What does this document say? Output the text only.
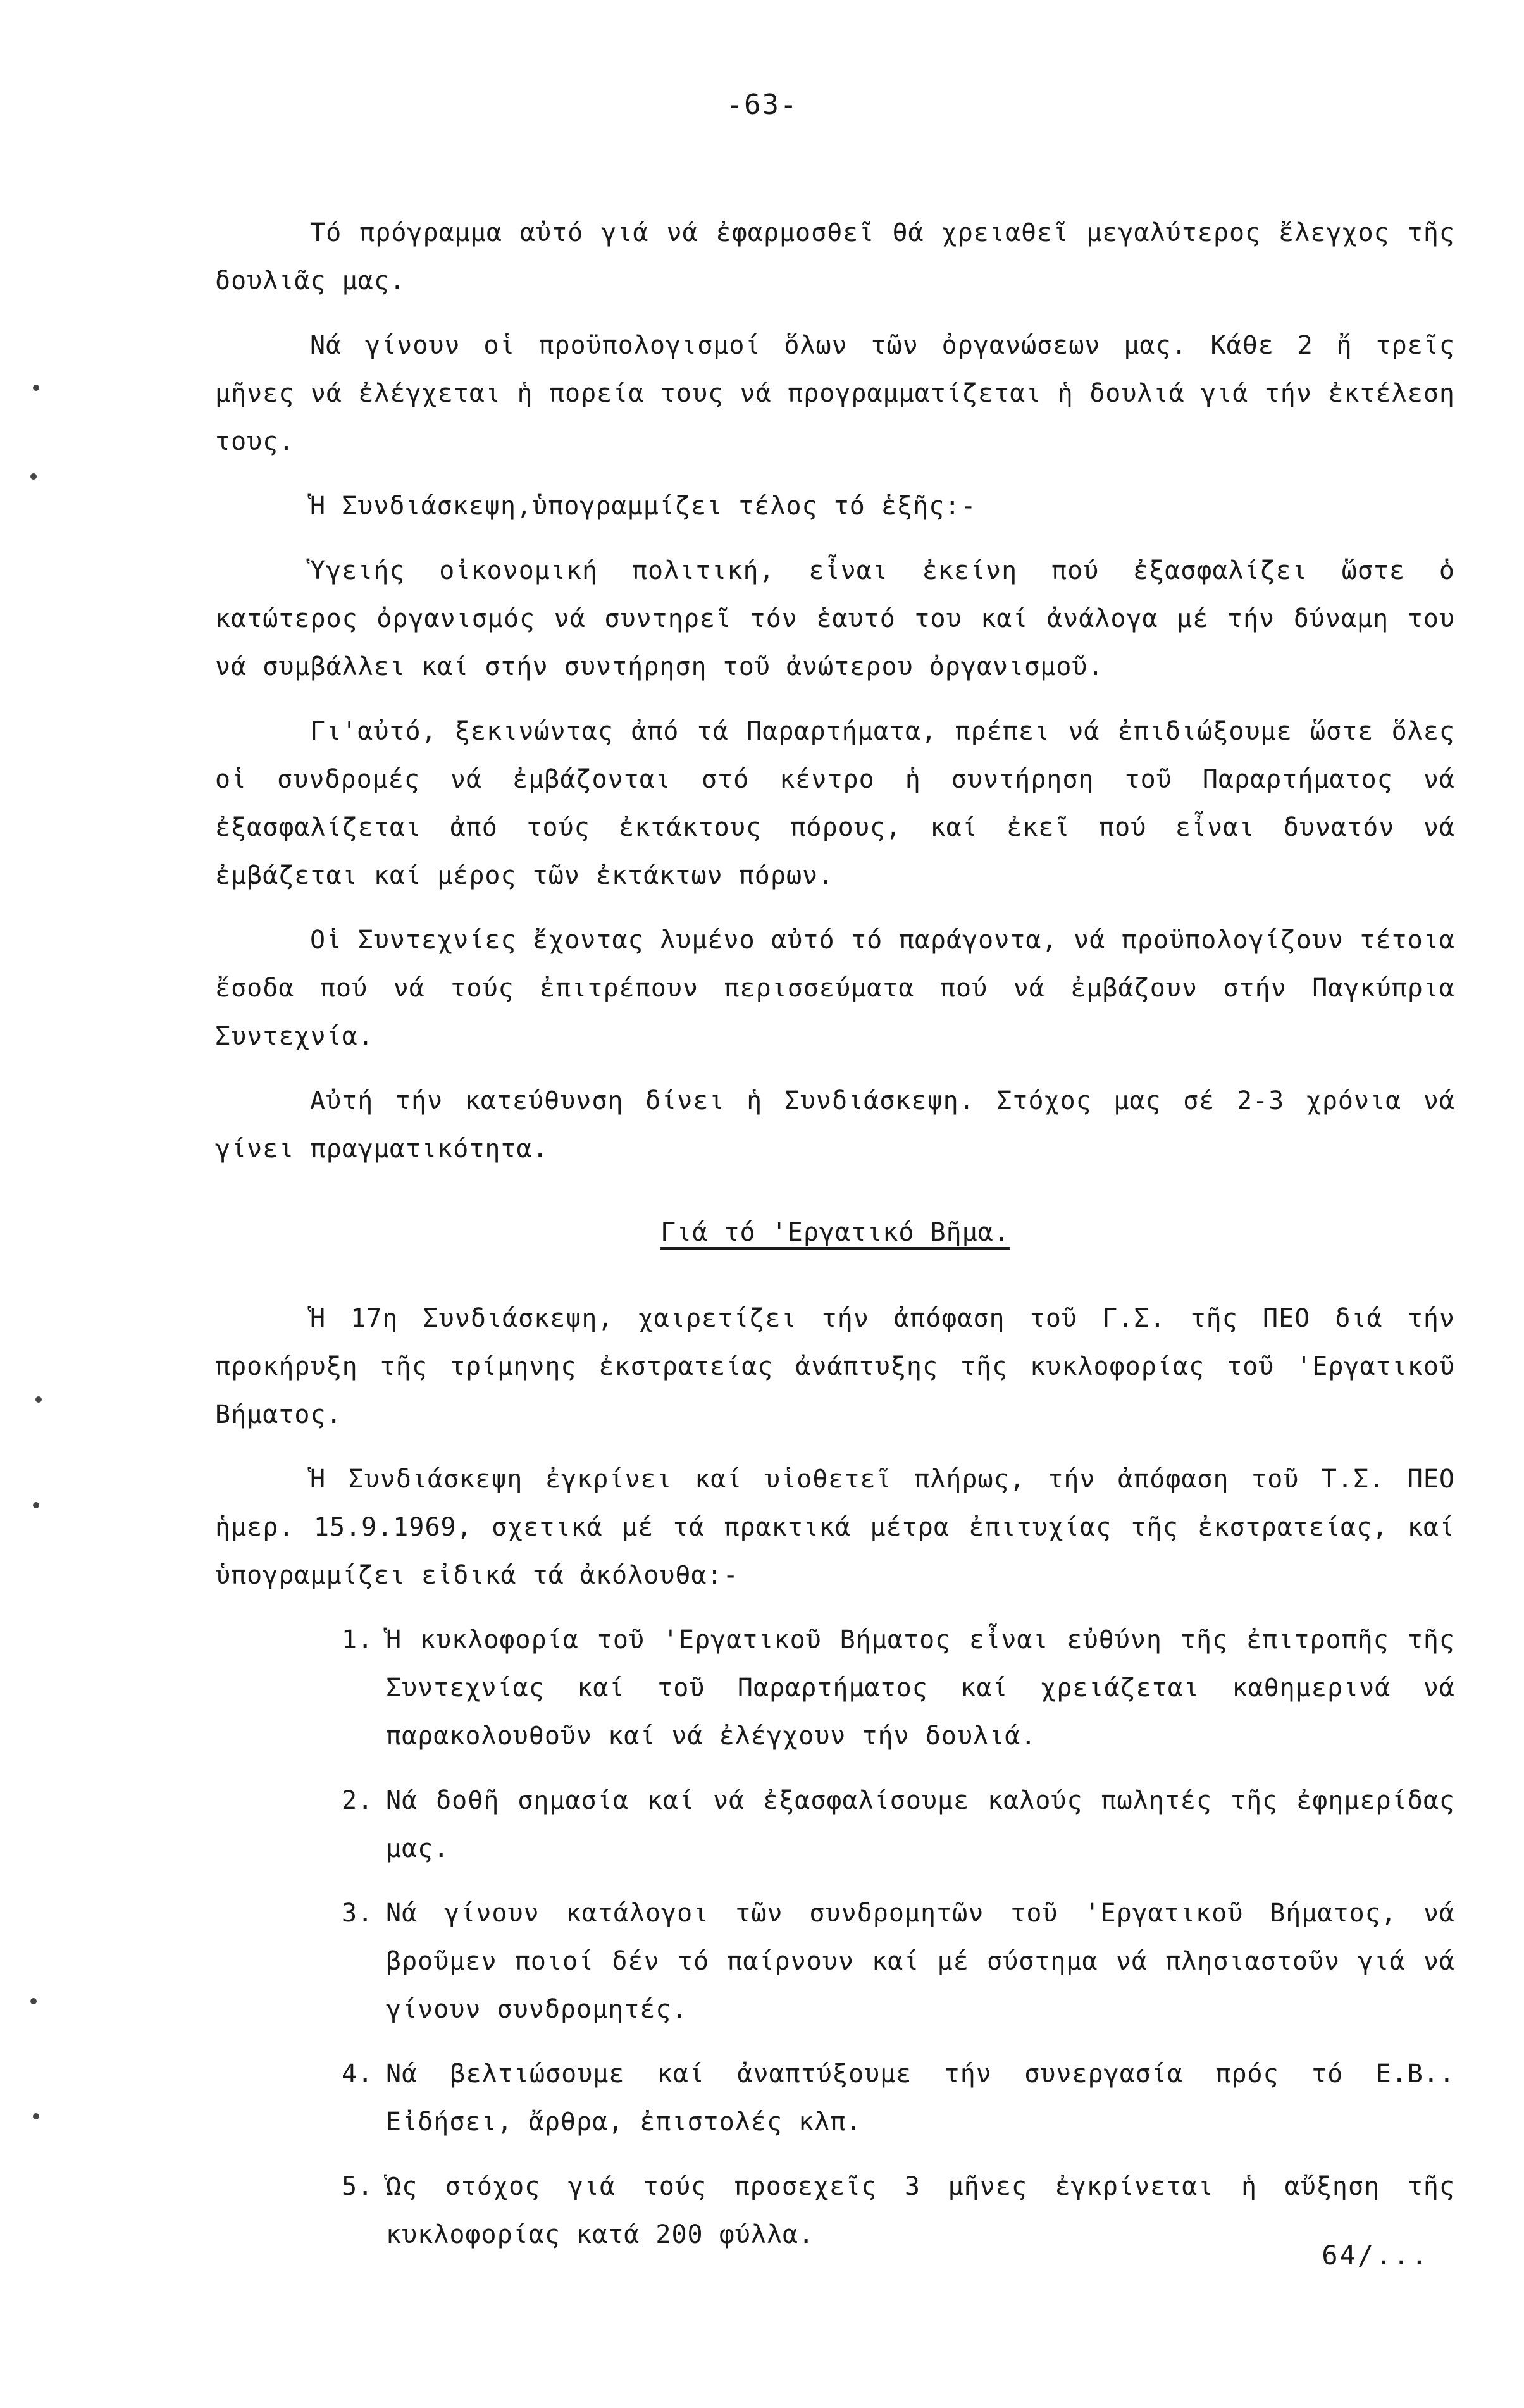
-63-

Τό πρόγραμμα αὐτό γιά νά ἐφαρμοσθεῖ θά χρειαθεῖ μεγαλύτερος ἔλεγχος τῆς δουλιᾶς μας.

Νά γίνουν οἱ προϋπολογισμοί ὅλων τῶν ὀργανώσεων μας. Κάθε 2 ἤ τρεῖς μῆνες νά ἐλέγχεται ἡ πορεία τους νά προγραμματίζεται ἡ δουλιά γιά τήν ἐκτέλεση τους.

Ἡ Συνδιάσκεψη,ὑπογραμμίζει τέλος τό ἑξῆς:-

Ὑγειής οἰκονομική πολιτική, εἶναι ἐκείνη πού ἐξασφαλίζει ὥστε ὁ κατώτερος ὀργανισμός νά συντηρεῖ τόν ἑαυτό του καί ἀνάλογα μέ τήν δύναμη του νά συμβάλλει καί στήν συντήρηση τοῦ ἀνώτερου ὀργανισμοῦ.

Γι'αὐτό, ξεκινώντας ἀπό τά Παραρτήματα, πρέπει νά ἐπιδιώξουμε ὥστε ὅλες οἱ συνδρομές νά ἐμβάζονται στό κέντρο ἡ συντήρηση τοῦ Παραρτήματος νά ἐξασφαλίζεται ἀπό τούς ἐκτάκτους πόρους, καί ἐκεῖ πού εἶναι δυνατόν νά ἐμβάζεται καί μέρος τῶν ἐκτάκτων πόρων.

Οἱ Συντεχνίες ἔχοντας λυμένο αὐτό τό παράγοντα, νά προϋπολογίζουν τέτοια ἔσοδα πού νά τούς ἐπιτρέπουν περισσεύματα πού νά ἐμβάζουν στήν Παγκύπρια Συντεχνία.

Αὐτή τήν κατεύθυνση δίνει ἡ Συνδιάσκεψη. Στόχος μας σέ 2-3 χρόνια νά γίνει πραγματικότητα.

Γιά τό 'Εργατικό Βῆμα.

Ἡ 17η Συνδιάσκεψη, χαιρετίζει τήν ἀπόφαση τοῦ Γ.Σ. τῆς ΠΕΟ διά τήν προκήρυξη τῆς τρίμηνης ἐκστρατείας ἀνάπτυξης τῆς κυκλοφορίας τοῦ 'Εργατικοῦ Βήματος.

Ἡ Συνδιάσκεψη ἐγκρίνει καί υἱοθετεῖ πλήρως, τήν ἀπόφαση τοῦ Τ.Σ. ΠΕΟ ἡμερ. 15.9.1969, σχετικά μέ τά πρακτικά μέτρα ἐπιτυχίας τῆς ἐκστρατείας, καί ὑπογραμμίζει εἰδικά τά ἀκόλουθα:-

1. Ἡ κυκλοφορία τοῦ 'Εργατικοῦ Βήματος εἶναι εὐθύνη τῆς ἐπιτροπῆς τῆς Συντεχνίας καί τοῦ Παραρτήματος καί χρειάζεται καθημερινά νά παρακολουθοῦν καί νά ἐλέγχουν τήν δουλιά.
2. Νά δοθῆ σημασία καί νά ἐξασφαλίσουμε καλούς πωλητές τῆς ἐφημερίδας μας.
3. Νά γίνουν κατάλογοι τῶν συνδρομητῶν τοῦ 'Εργατικοῦ Βήματος, νά βροῦμεν ποιοί δέν τό παίρνουν καί μέ σύστημα νά πλησιαστοῦν γιά νά γίνουν συνδρομητές.
4. Νά βελτιώσουμε καί ἀναπτύξουμε τήν συνεργασία πρός τό Ε.Β.. Εἰδήσει, ἄρθρα, ἐπιστολές κλπ.
5. Ὡς στόχος γιά τούς προσεχεῖς 3 μῆνες ἐγκρίνεται ἡ αὔξηση τῆς κυκλοφορίας κατά 200 φύλλα.
64/...
